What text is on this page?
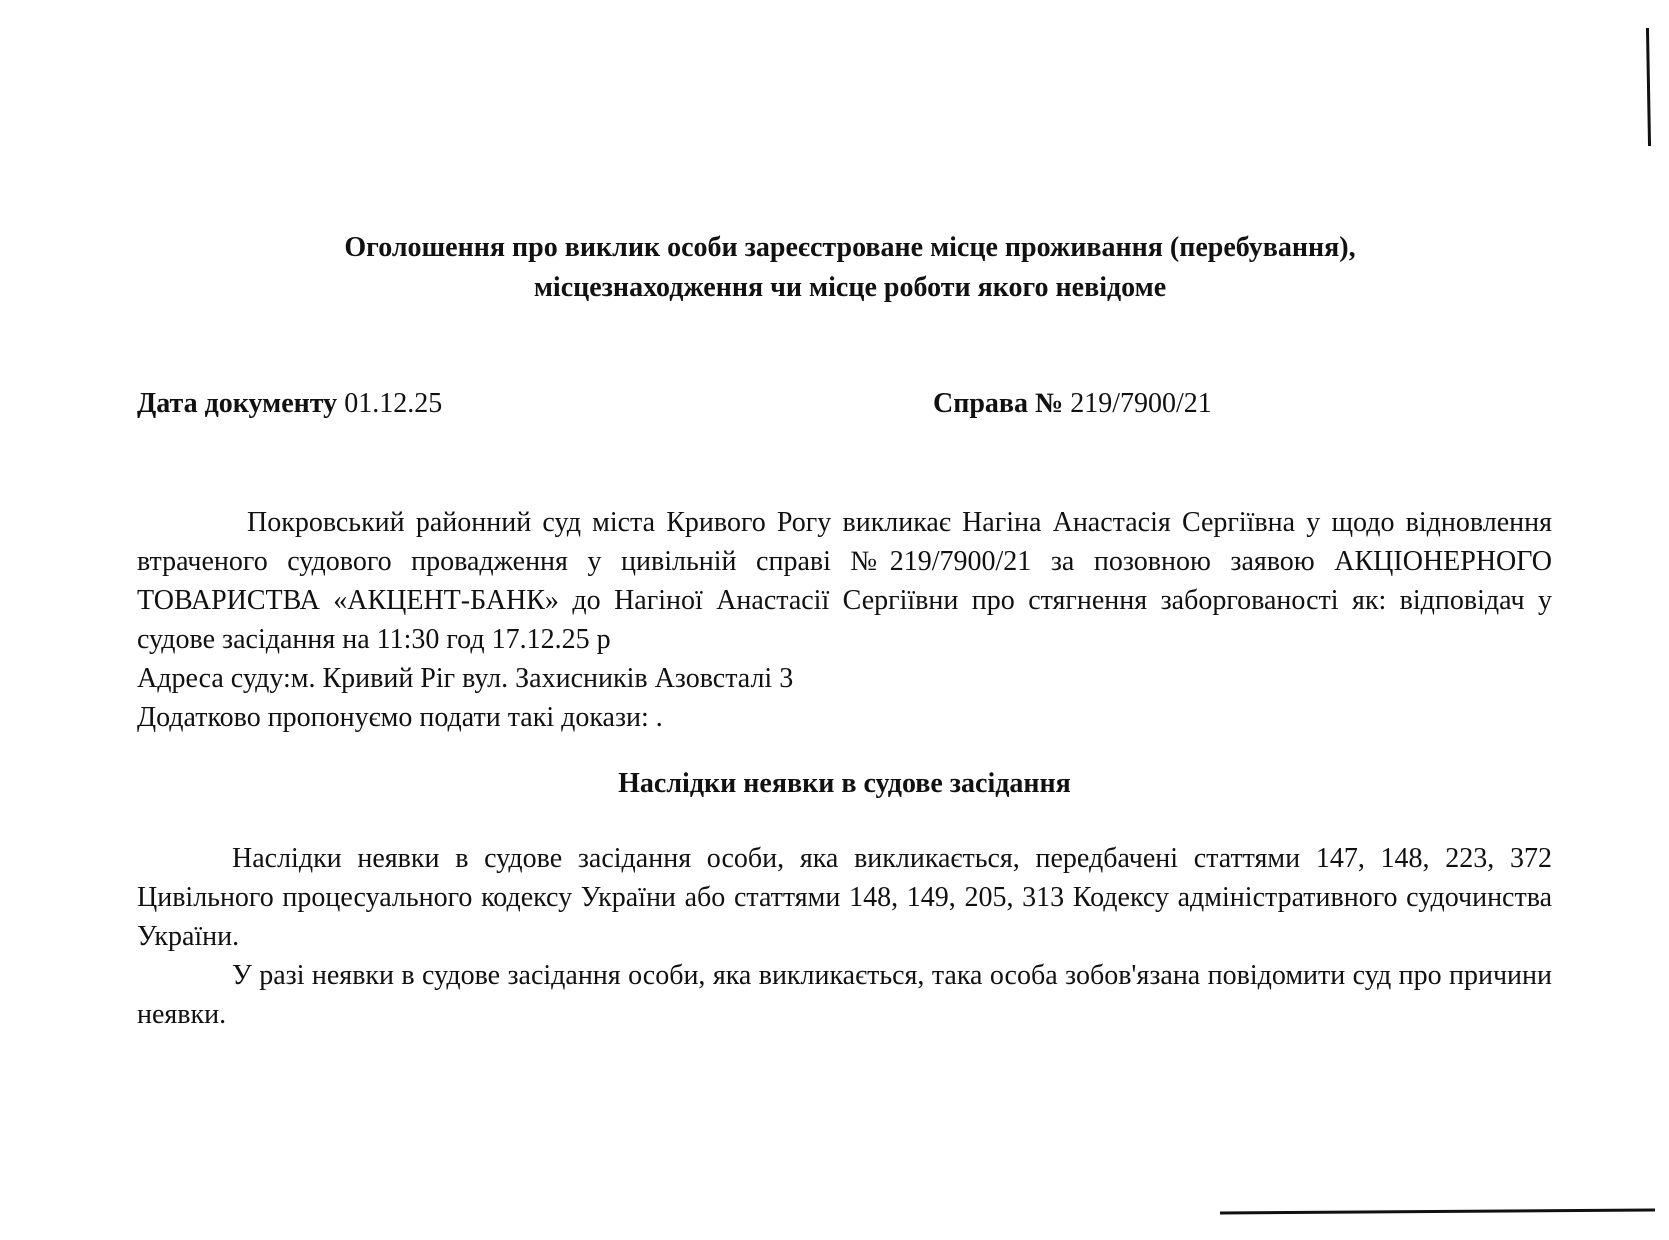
Оголошення про виклик особи зареєстроване місце проживання (перебування),
місцезнаходження чи місце роботи якого невідоме
Дата документу 01.12.25	Справа № 219/7900/21

Покровський районний суд міста Кривого Рогу викликає Нагіна Анастасія Сергіївна у щодо відновлення втраченого судового провадження у цивільній справі №219/7900/21 за позовною заявою АКЦІОНЕРНОГО ТОВАРИСТВА «АКЦЕНТ-БАНК» до Нагіної Анастасії Сергіївни про стягнення заборгованості як: відповідач у судове засідання на 11:30 год 17.12.25 р

Адреса суду:м. Кривий Ріг вул. Захисників Азовсталі 3

Додатково пропонуємо подати такі докази: .

Наслідки неявки в судове засідання

Наслідки неявки в судове засідання особи, яка викликається, передбачені статтями 147, 148, 223, 372 Цивільного процесуального кодексу України або статтями 148, 149, 205, 313 Кодексу адміністративного судочинства України.

У разі неявки в судове засідання особи, яка викликається, така особа зобов'язана повідомити суд про причини неявки.
